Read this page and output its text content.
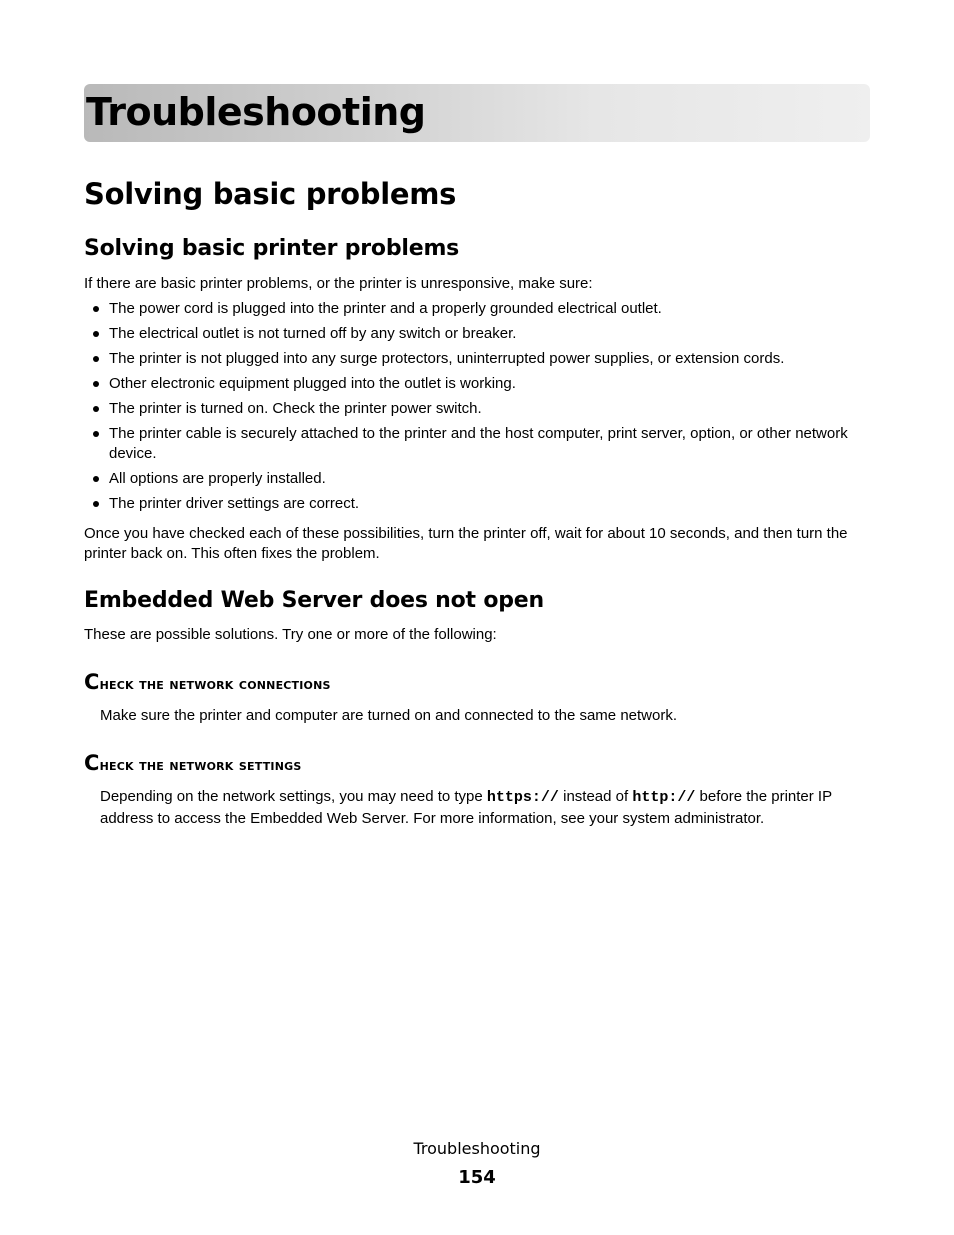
Troubleshooting
Solving basic problems
Solving basic printer problems

If there are basic printer problems, or the printer is unresponsive, make sure:

The power cord is plugged into the printer and a properly grounded electrical outlet.
The electrical outlet is not turned off by any switch or breaker.
The printer is not plugged into any surge protectors, uninterrupted power supplies, or extension cords.
Other electronic equipment plugged into the outlet is working.
The printer is turned on. Check the printer power switch.
The printer cable is securely attached to the printer and the host computer, print server, option, or other network device.
All options are properly installed.
The printer driver settings are correct.

Once you have checked each of these possibilities, turn the printer off, wait for about 10 seconds, and then turn the printer back on. This often fixes the problem.

Embedded Web Server does not open

These are possible solutions. Try one or more of the following:

Check the network connections

Make sure the printer and computer are turned on and connected to the same network.

Check the network settings

Depending on the network settings, you may need to type https:// instead of http:// before the printer IP address to access the Embedded Web Server. For more information, see your system administrator.

Troubleshooting
154
